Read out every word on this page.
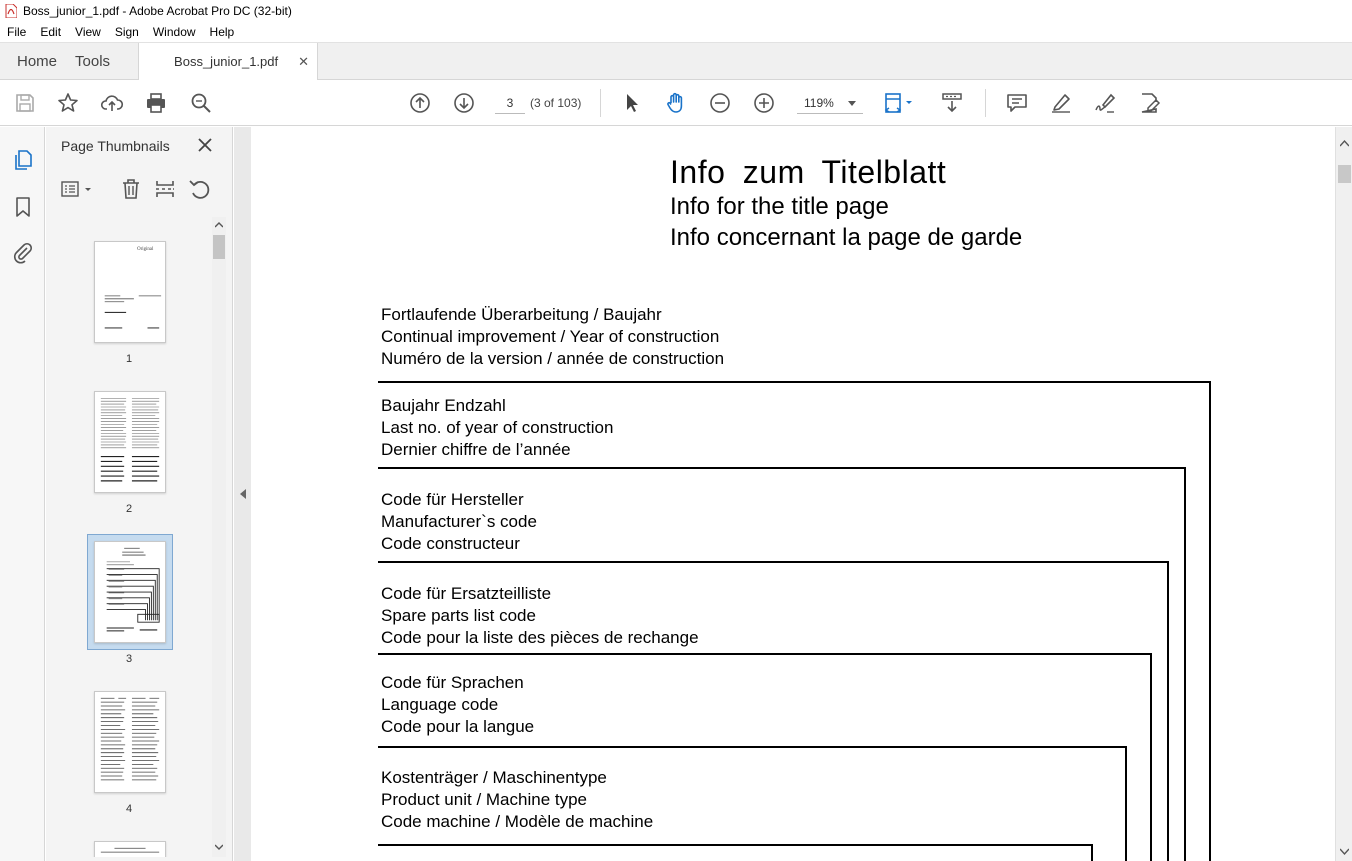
Boss_junior_1.pdf - Adobe Acrobat Pro DC (32-bit)
File	Edit	View	Sign	Window	Help
Home	Tools	Boss_junior_1.pdf ✕
3
(3 of 103)	119%
Page Thumbnails
Original
1
2
3
4
Info zum Titelblatt
Info for the title page
Info concernant la page de garde
Fortlaufende Überarbeitung / Baujahr
Continual improvement / Year of construction
Numéro de la version / année de construction
Baujahr Endzahl
Last no. of year of construction
Dernier chiffre de l’année
Code für Hersteller
Manufacturer`s code
Code constructeur
Code für Ersatzteilliste
Spare parts list code
Code pour la liste des pièces de rechange
Code für Sprachen
Language code
Code pour la langue
Kostenträger / Maschinentype
Product unit / Machine type
Code machine / Modèle de machine
